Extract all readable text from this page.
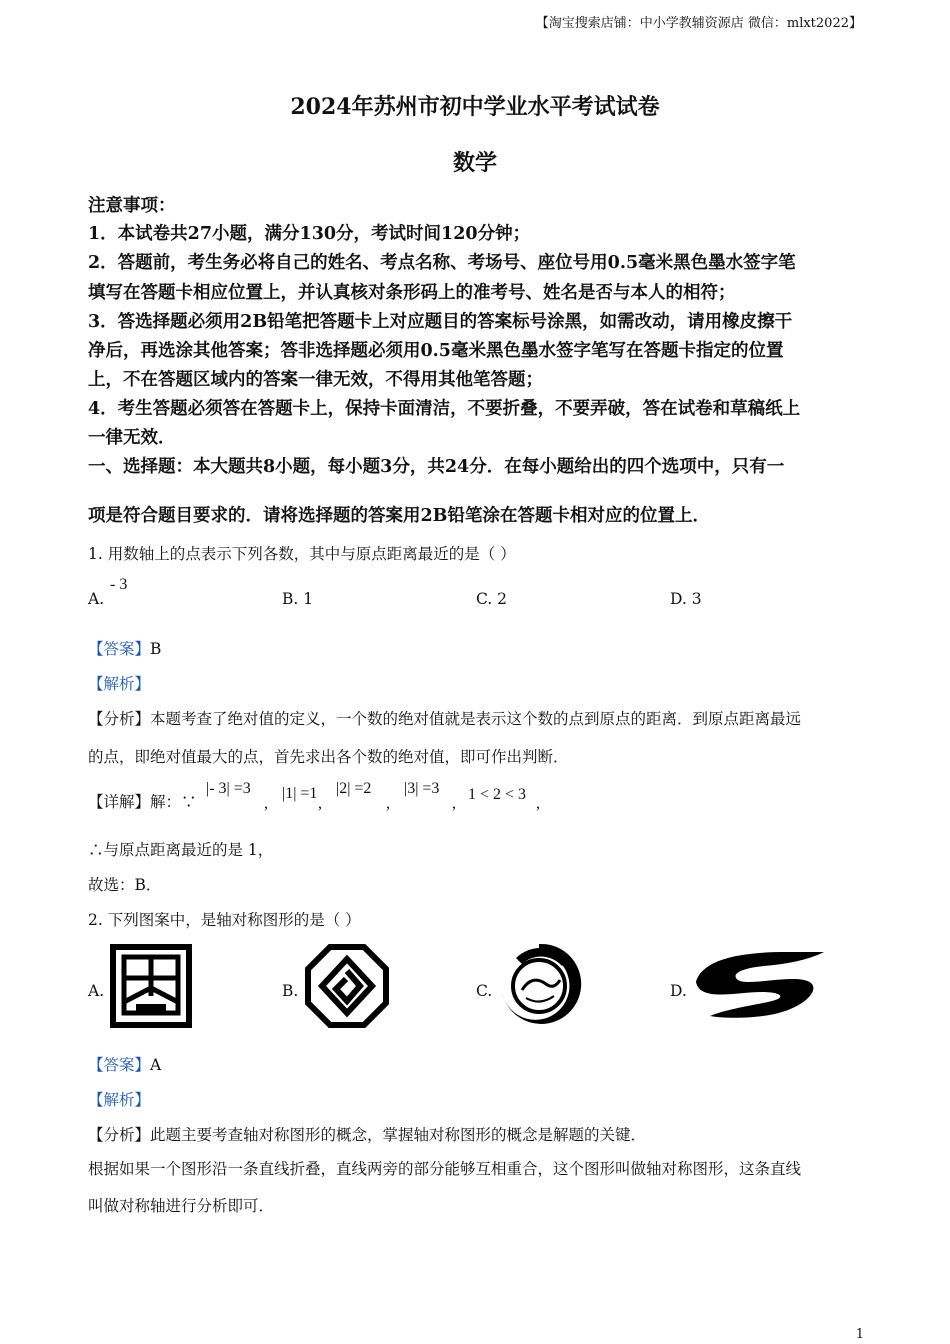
【淘宝搜索店铺：中小学教辅资源店 微信：mlxt2022】
2024年苏州市初中学业水平考试试卷
数学
注意事项：
1．本试卷共27小题，满分130分，考试时间120分钟；
2．答题前，考生务必将自己的姓名、考点名称、考场号、座位号用0.5毫米黑色墨水签字笔
填写在答题卡相应位置上，并认真核对条形码上的准考号、姓名是否与本人的相符；
3．答选择题必须用2B铅笔把答题卡上对应题目的答案标号涂黑，如需改动，请用橡皮擦干
净后，再选涂其他答案；答非选择题必须用0.5毫米黑色墨水签字笔写在答题卡指定的位置
上，不在答题区域内的答案一律无效，不得用其他笔答题；
4．考生答题必须答在答题卡上，保持卡面清洁，不要折叠，不要弄破，答在试卷和草稿纸上
一律无效．
一、选择题：本大题共8小题，每小题3分，共24分．在每小题给出的四个选项中，只有一
项是符合题目要求的．请将选择题的答案用2B铅笔涂在答题卡相对应的位置上．
1. 用数轴上的点表示下列各数，其中与原点距离最近的是（ ）
A.
- 3
B. 1	C. 2	D. 3
【答案】B
【解析】
【分析】本题考查了绝对值的定义，一个数的绝对值就是表示这个数的点到原点的距离．到原点距离最远
的点，即绝对值最大的点，首先求出各个数的绝对值，即可作出判断．
【详解】解：∵
|- 3| =3
,
|1| =1
,
|2| =2
,
|3| =3
,
1 < 2 < 3
,
∴与原点距离最近的是 1，
故选：B．
2. 下列图案中，是轴对称图形的是（ ）
A.	B.	C.	D.
【答案】A
【解析】
【分析】此题主要考查轴对称图形的概念，掌握轴对称图形的概念是解题的关键．
根据如果一个图形沿一条直线折叠，直线两旁的部分能够互相重合，这个图形叫做轴对称图形，这条直线
叫做对称轴进行分析即可．
1
